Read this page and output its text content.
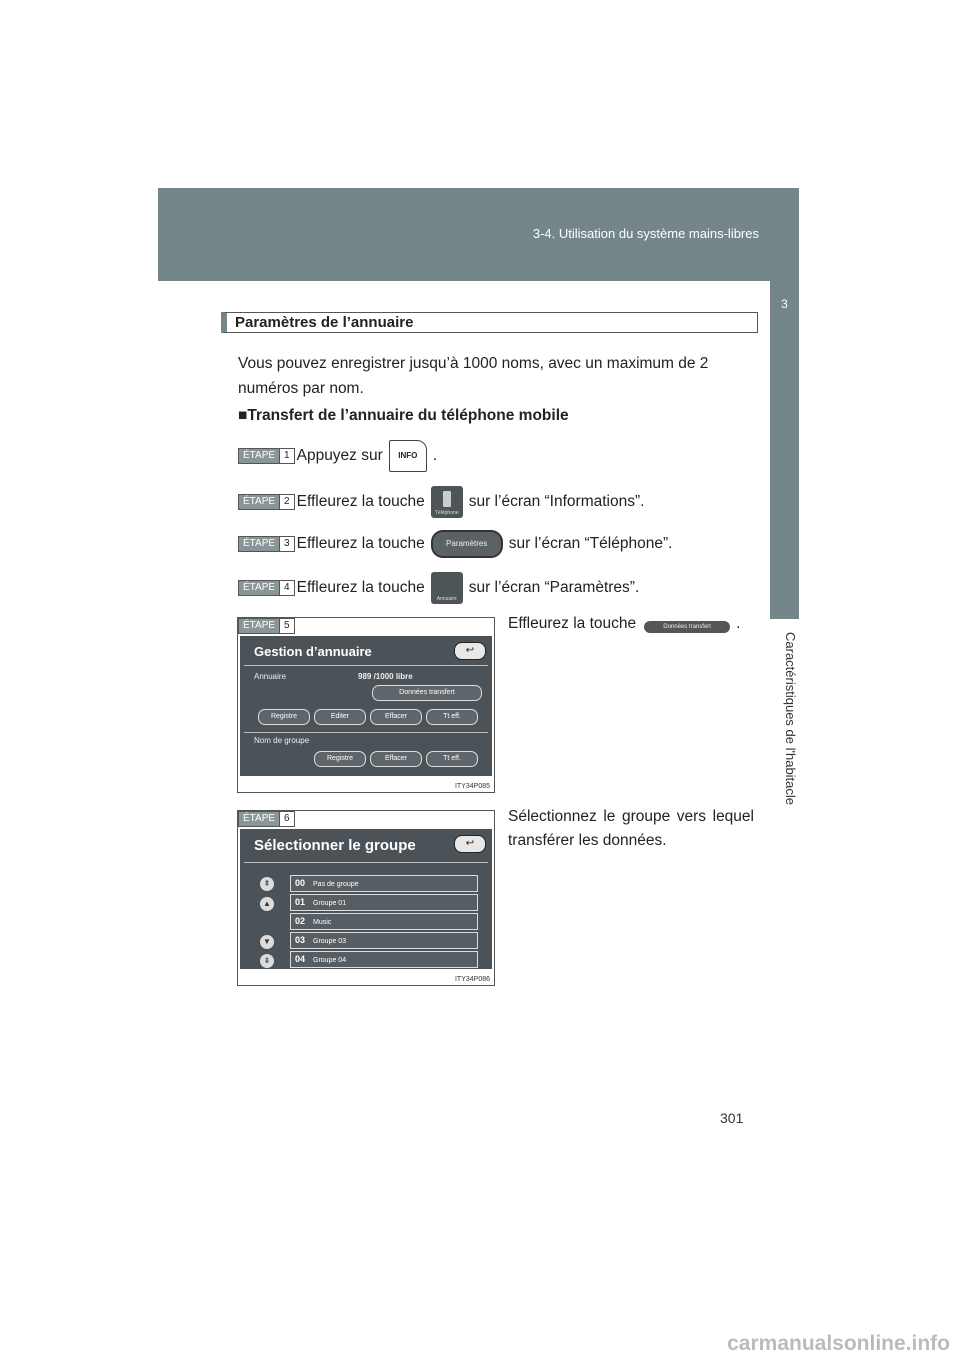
3-4. Utilisation du système mains-libres
3
Caractéristiques de l'habitacle
Paramètres de l’annuaire
Vous pouvez enregistrer jusqu’à 1000 noms, avec un maximum de 2 numéros par nom.
■Transfert de l’annuaire du téléphone mobile
ÉTAPE 1 Appuyez sur	INFO .
ÉTAPE 2 Effleurez la touche
Téléphone
sur l’écran “Informations”.
ÉTAPE 3 Effleurez la touche	Paramètres	sur l’écran “Téléphone”.
ÉTAPE 4 Effleurez la touche
Annuaire
sur l’écran “Paramètres”.
ÉTAPE 5
Gestion d’annuaire	↩
Annuaire	989 /1000 libre
Données transfert
Registre	Editer	Effacer	Tt eff.
Nom de groupe
Registre	Effacer	Tt eff.
ITY34P085
Effleurez la touche	Données transfert .
ÉTAPE 6
Sélectionner le groupe	↩
⇞
▲
▼
⇟
00 Pas de groupe
01 Groupe 01
02 Music
03 Groupe 03
04 Groupe 04
ITY34P086
Sélectionnez le groupe vers lequel transférer les données.
301
carmanualsonline.info
